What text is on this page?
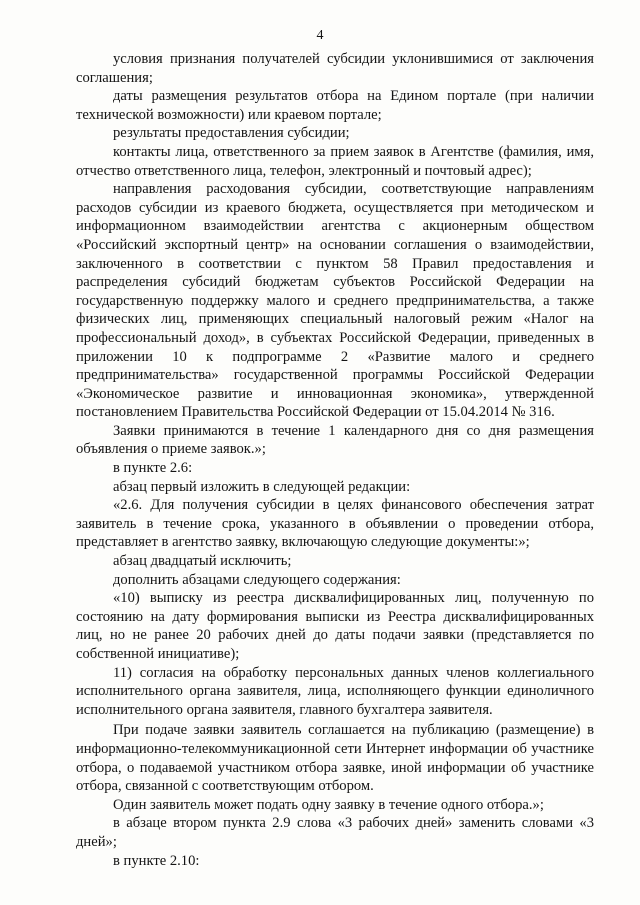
4

условия признания получателей субсидии уклонившимися от заключения соглашения;

даты размещения результатов отбора на Едином портале (при наличии технической возможности) или краевом портале;

результаты предоставления субсидии;

контакты лица, ответственного за прием заявок в Агентстве (фамилия, имя, отчество ответственного лица, телефон, электронный и почтовый адрес);

направления расходования субсидии, соответствующие направлениям расходов субсидии из краевого бюджета, осуществляется при методическом и информационном взаимодействии агентства с акционерным обществом «Российский экспортный центр» на основании соглашения о взаимодействии, заключенного в соответствии с пунктом 58 Правил предоставления и распределения субсидий бюджетам субъектов Российской Федерации на государственную поддержку малого и среднего предпринимательства, а также физических лиц, применяющих специальный налоговый режим «Налог на профессиональный доход», в субъектах Российской Федерации, приведенных в приложении 10 к подпрограмме 2 «Развитие малого и среднего предпринимательства» государственной программы Российской Федерации «Экономическое развитие и инновационная экономика», утвержденной постановлением Правительства Российской Федерации от 15.04.2014 № 316.

Заявки принимаются в течение 1 календарного дня со дня размещения объявления о приеме заявок.»;

в пункте 2.6:

абзац первый изложить в следующей редакции:

«2.6. Для получения субсидии в целях финансового обеспечения затрат заявитель в течение срока, указанного в объявлении о проведении отбора, представляет в агентство заявку, включающую следующие документы:»;

абзац двадцатый исключить;

дополнить абзацами следующего содержания:

«10) выписку из реестра дисквалифицированных лиц, полученную по состоянию на дату формирования выписки из Реестра дисквалифицированных лиц, но не ранее 20 рабочих дней до даты подачи заявки (представляется по собственной инициативе);

11) согласия на обработку персональных данных членов коллегиального исполнительного органа заявителя, лица, исполняющего функции единоличного исполнительного органа заявителя, главного бухгалтера заявителя.

При подаче заявки заявитель соглашается на публикацию (размещение) в информационно-телекоммуникационной сети Интернет информации об участнике отбора, о подаваемой участником отбора заявке, иной информации об участнике отбора, связанной с соответствующим отбором.

Один заявитель может подать одну заявку в течение одного отбора.»;

в абзаце втором пункта 2.9 слова «3 рабочих дней» заменить словами «3 дней»;

в пункте 2.10:
